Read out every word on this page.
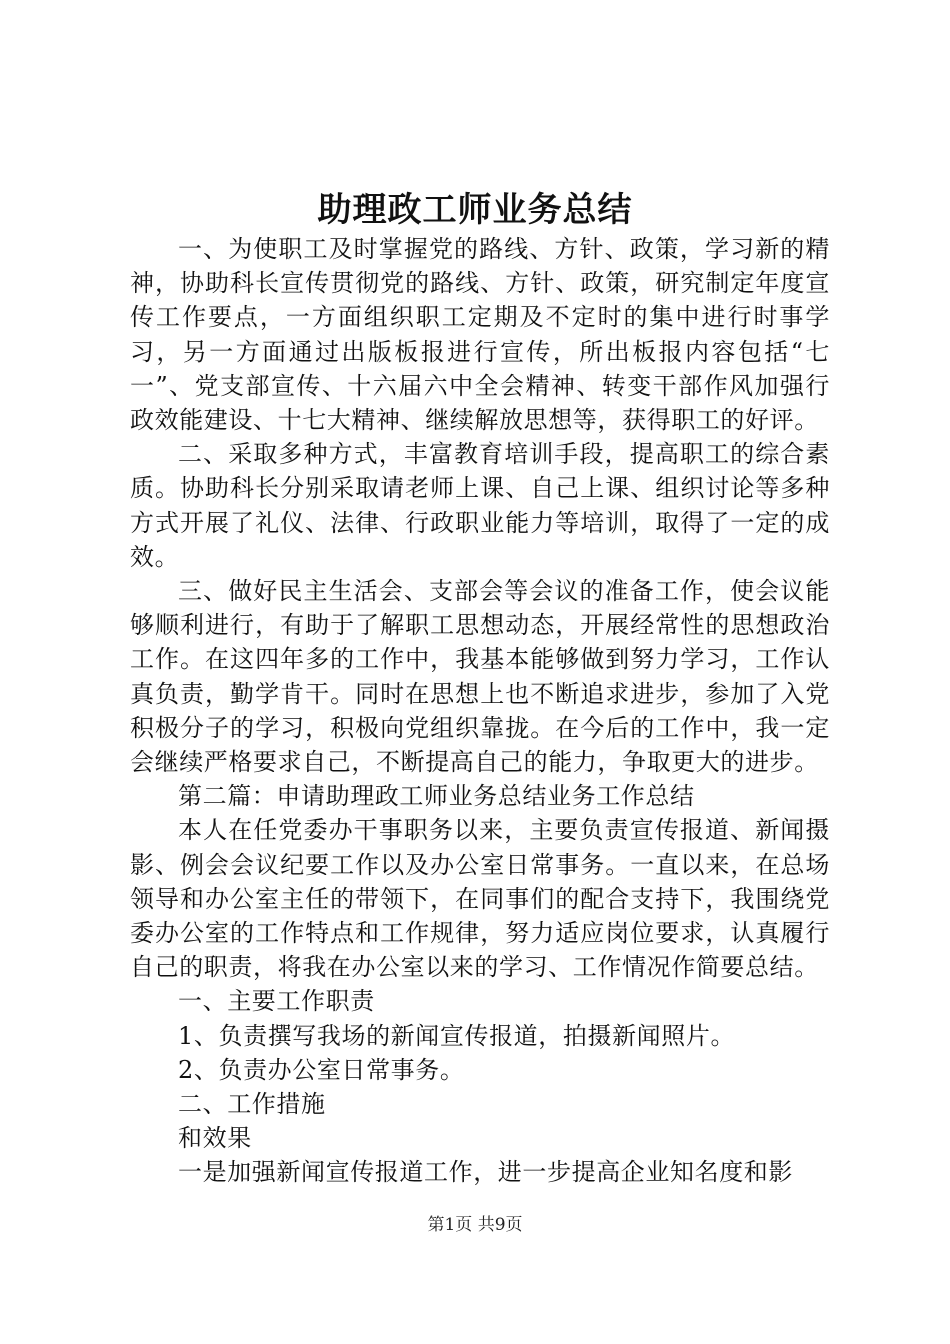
助理政工师业务总结

一、为使职工及时掌握党的路线、方针、政策，学习新的精神，协助科长宣传贯彻党的路线、方针、政策，研究制定年度宣传工作要点，一方面组织职工定期及不定时的集中进行时事学习，另一方面通过出版板报进行宣传，所出板报内容包括“七一”、党支部宣传、十六届六中全会精神、转变干部作风加强行政效能建设、十七大精神、继续解放思想等，获得职工的好评。

二、采取多种方式，丰富教育培训手段，提高职工的综合素质。协助科长分别采取请老师上课、自己上课、组织讨论等多种方式开展了礼仪、法律、行政职业能力等培训，取得了一定的成效。

三、做好民主生活会、支部会等会议的准备工作，使会议能够顺利进行，有助于了解职工思想动态，开展经常性的思想政治工作。在这四年多的工作中，我基本能够做到努力学习，工作认真负责，勤学肯干。同时在思想上也不断追求进步，参加了入党积极分子的学习，积极向党组织靠拢。在今后的工作中，我一定会继续严格要求自己，不断提高自己的能力，争取更大的进步。

第二篇：申请助理政工师业务总结业务工作总结

本人在任党委办干事职务以来，主要负责宣传报道、新闻摄影、例会会议纪要工作以及办公室日常事务。一直以来，在总场领导和办公室主任的带领下，在同事们的配合支持下，我围绕党委办公室的工作特点和工作规律，努力适应岗位要求，认真履行自己的职责，将我在办公室以来的学习、工作情况作简要总结。

一、主要工作职责

1、负责撰写我场的新闻宣传报道，拍摄新闻照片。

2、负责办公室日常事务。

二、工作措施

和效果

一是加强新闻宣传报道工作，进一步提高企业知名度和影

第1页 共9页
